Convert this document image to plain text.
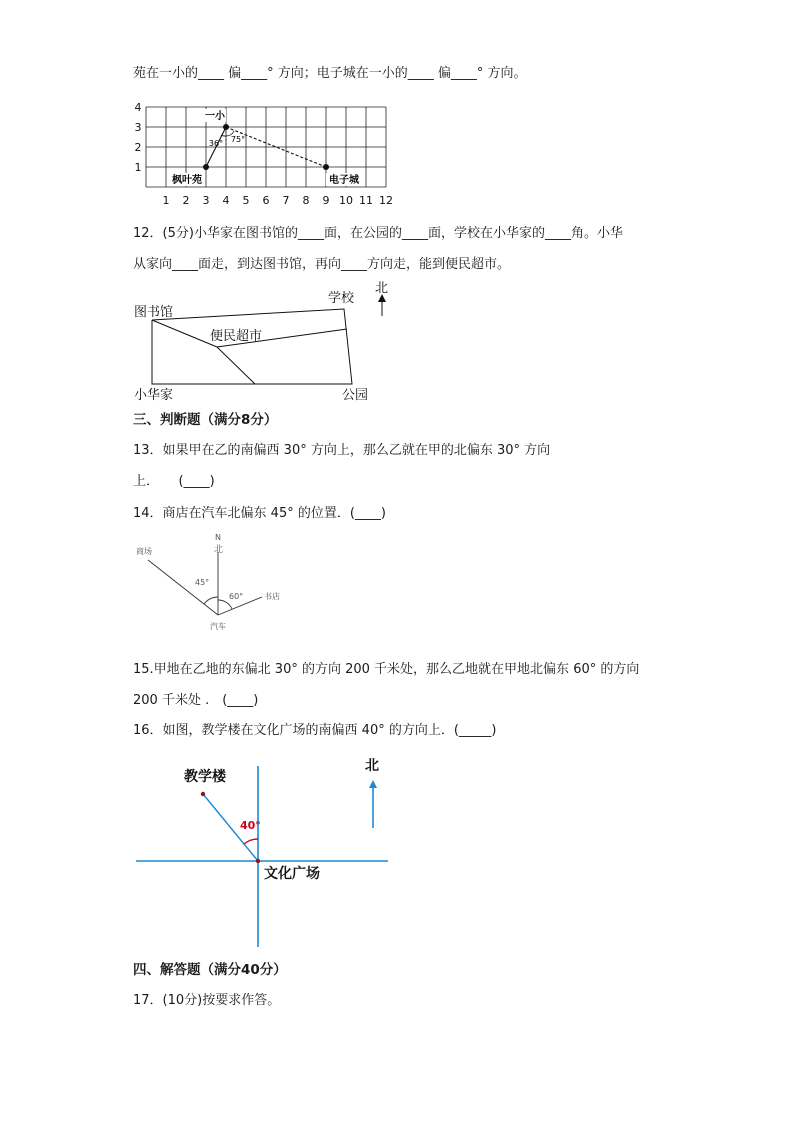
苑在一小的____ 偏____° 方向；电子城在一小的____ 偏____° 方向。
4
3
2
1
1 2 3 4 5 6 7 8 9 10 11 12
一小
36° 75°
枫叶苑	电子城
12．(5分)小华家在图书馆的____面，在公园的____面，学校在小华家的____角。小华
从家向____面走，到达图书馆，再向____方向走，能到便民超市。
图书馆
学校
北
便民超市
小华家	公园
三、判断题（满分8分）
13．如果甲在乙的南偏西 30° 方向上，那么乙就在甲的北偏东 30° 方向
上．　　(____)
14．商店在汽车北偏东 45° 的位置．(____)
N
北
商场
书店
45°
60°
汽车
15.甲地在乙地的东偏北 30° 的方向 200 千米处，那么乙地就在甲地北偏东 60° 的方向
200 千米处 .　(____)
16．如图，教学楼在文化广场的南偏西 40° 的方向上．(_____)
40°
教学楼
北
文化广场
四、解答题（满分40分）
17．(10分)按要求作答。
